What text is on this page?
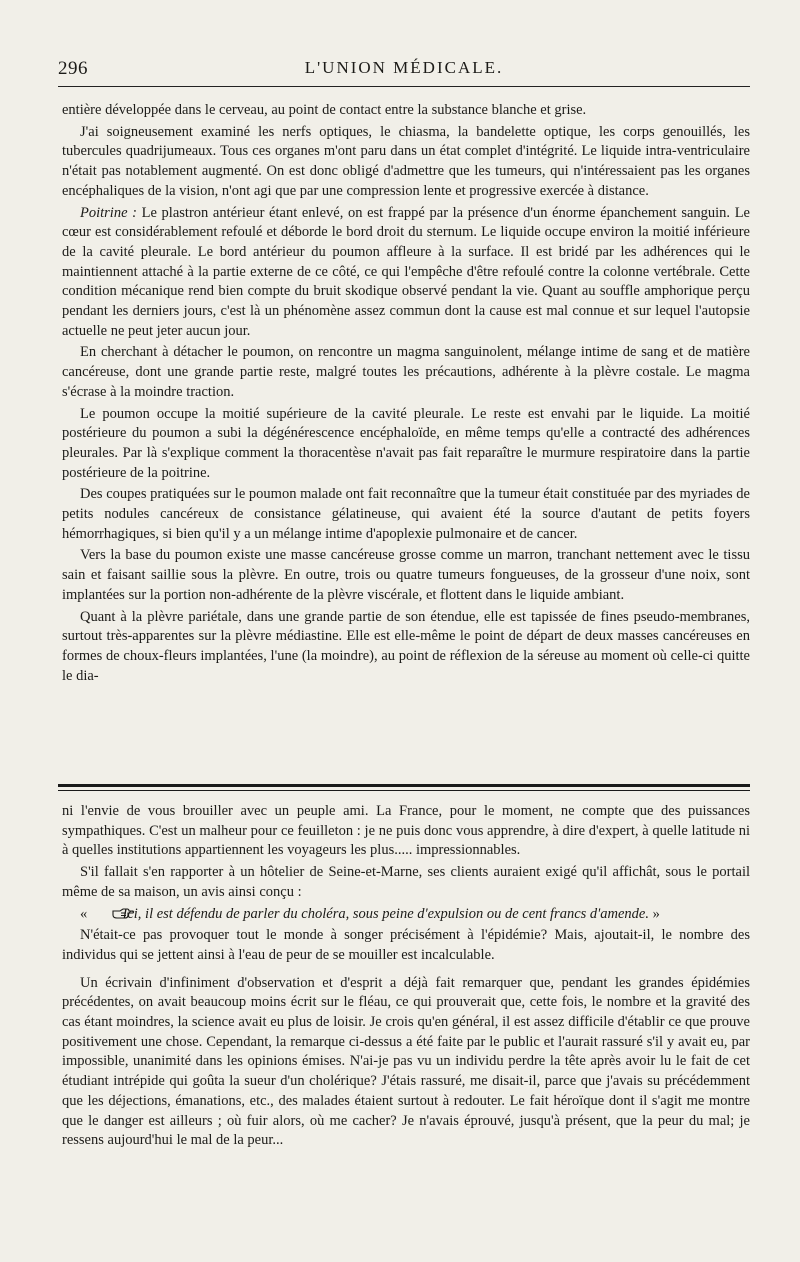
296	L'UNION MÉDICALE.

entière développée dans le cerveau, au point de contact entre la substance blanche et grise.

J'ai soigneusement examiné les nerfs optiques, le chiasma, la bandelette optique, les corps genouillés, les tubercules quadrijumeaux. Tous ces organes m'ont paru dans un état complet d'intégrité. Le liquide intra-ventriculaire n'était pas notablement augmenté. On est donc obligé d'admettre que les tumeurs, qui n'intéressaient pas les organes encéphaliques de la vision, n'ont agi que par une compression lente et progressive exercée à distance.

Poitrine : Le plastron antérieur étant enlevé, on est frappé par la présence d'un énorme épanchement sanguin. Le cœur est considérablement refoulé et déborde le bord droit du sternum. Le liquide occupe environ la moitié inférieure de la cavité pleurale. Le bord antérieur du poumon affleure à la surface. Il est bridé par les adhérences qui le maintiennent attaché à la partie externe de ce côté, ce qui l'empêche d'être refoulé contre la colonne vertébrale. Cette condition mécanique rend bien compte du bruit skodique observé pendant la vie. Quant au souffle amphorique perçu pendant les derniers jours, c'est là un phénomène assez commun dont la cause est mal connue et sur lequel l'autopsie actuelle ne peut jeter aucun jour.

En cherchant à détacher le poumon, on rencontre un magma sanguinolent, mélange intime de sang et de matière cancéreuse, dont une grande partie reste, malgré toutes les précautions, adhérente à la plèvre costale. Le magma s'écrase à la moindre traction.

Le poumon occupe la moitié supérieure de la cavité pleurale. Le reste est envahi par le liquide. La moitié postérieure du poumon a subi la dégénérescence encéphaloïde, en même temps qu'elle a contracté des adhérences pleurales. Par là s'explique comment la thoracentèse n'avait pas fait reparaître le murmure respiratoire dans la partie postérieure de la poitrine.

Des coupes pratiquées sur le poumon malade ont fait reconnaître que la tumeur était constituée par des myriades de petits nodules cancéreux de consistance gélatineuse, qui avaient été la source d'autant de petits foyers hémorrhagiques, si bien qu'il y a un mélange intime d'apoplexie pulmonaire et de cancer.

Vers la base du poumon existe une masse cancéreuse grosse comme un marron, tranchant nettement avec le tissu sain et faisant saillie sous la plèvre. En outre, trois ou quatre tumeurs fongueuses, de la grosseur d'une noix, sont implantées sur la portion non-adhérente de la plèvre viscérale, et flottent dans le liquide ambiant.

Quant à la plèvre pariétale, dans une grande partie de son étendue, elle est tapissée de fines pseudo-membranes, surtout très-apparentes sur la plèvre médiastine. Elle est elle-même le point de départ de deux masses cancéreuses en formes de choux-fleurs implantées, l'une (la moindre), au point de réflexion de la séreuse au moment où celle-ci quitte le dia-

ni l'envie de vous brouiller avec un peuple ami. La France, pour le moment, ne compte que des puissances sympathiques. C'est un malheur pour ce feuilleton : je ne puis donc vous apprendre, à dire d'expert, à quelle latitude ni à quelles institutions appartiennent les voyageurs les plus..... impressionnables.

S'il fallait s'en rapporter à un hôtelier de Seine-et-Marne, ses clients auraient exigé qu'il affichât, sous le portail même de sa maison, un avis ainsi conçu :

« Ici, il est défendu de parler du choléra, sous peine d'expulsion ou de cent francs d'amende. »

N'était-ce pas provoquer tout le monde à songer précisément à l'épidémie? Mais, ajoutait-il, le nombre des individus qui se jettent ainsi à l'eau de peur de se mouiller est incalculable.

Un écrivain d'infiniment d'observation et d'esprit a déjà fait remarquer que, pendant les grandes épidémies précédentes, on avait beaucoup moins écrit sur le fléau, ce qui prouverait que, cette fois, le nombre et la gravité des cas étant moindres, la science avait eu plus de loisir. Je crois qu'en général, il est assez difficile d'établir ce que prouve positivement une chose. Cependant, la remarque ci-dessus a été faite par le public et l'aurait rassuré s'il y avait eu, par impossible, unanimité dans les opinions émises. N'ai-je pas vu un individu perdre la tête après avoir lu le fait de cet étudiant intrépide qui goûta la sueur d'un cholérique? J'étais rassuré, me disait-il, parce que j'avais su précédemment que les déjections, émanations, etc., des malades étaient surtout à redouter. Le fait héroïque dont il s'agit me montre que le danger est ailleurs ; où fuir alors, où me cacher? Je n'avais éprouvé, jusqu'à présent, que la peur du mal; je ressens aujourd'hui le mal de la peur...
